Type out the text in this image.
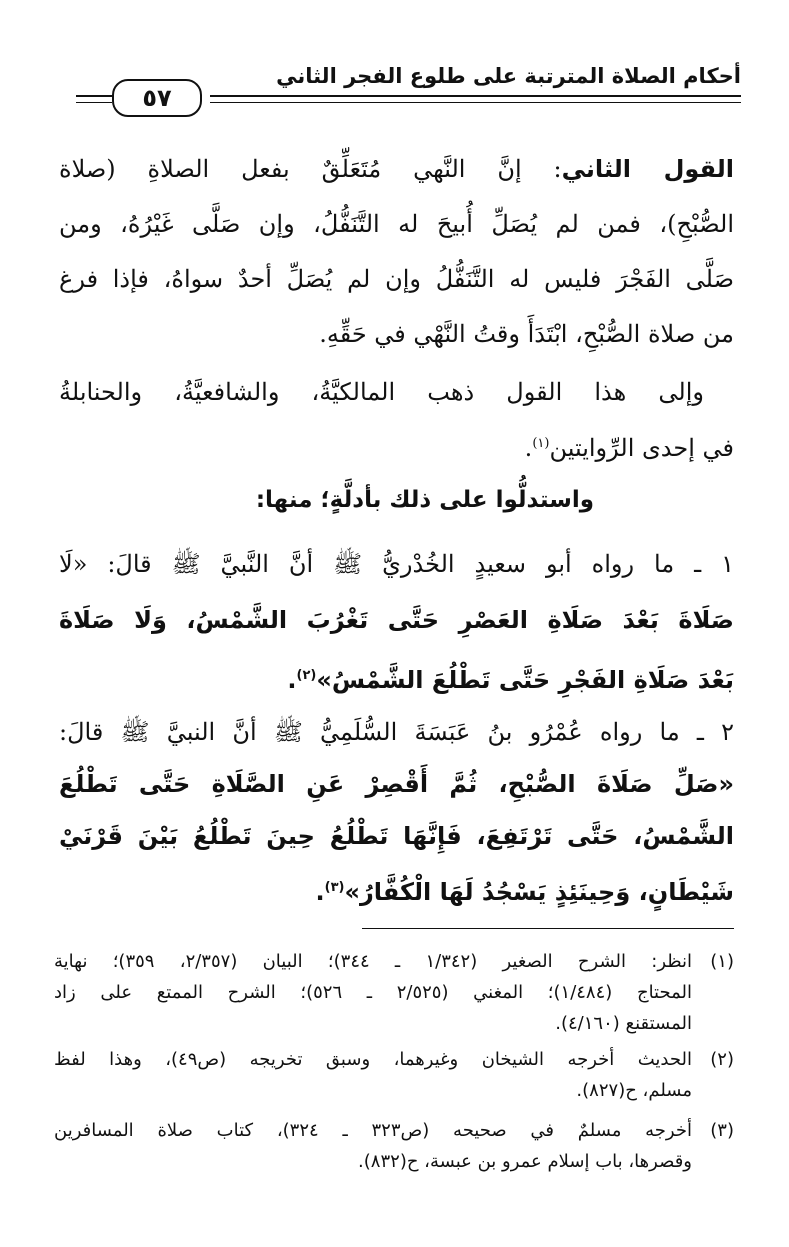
أحكام الصلاة المترتبة على طلوع الفجر الثاني
٥٧
القول الثاني: إنَّ النَّهي مُتَعَلِّقٌ بفعل الصلاةِ (صلاة
الصُّبْحِ)، فمن لم يُصَلِّ أُبيحَ له التَّنَفُّلُ، وإن صَلَّى غَيْرُهُ، ومن
صَلَّى الفَجْرَ فليس له التَّنَفُّلُ وإن لم يُصَلِّ أحدٌ سواهُ، فإذا فرغ
من صلاة الصُّبْحِ، ابْتَدَأَ وقتُ النَّهْي في حَقِّهِ.
وإلى هذا القول ذهب المالكيَّةُ، والشافعيَّةُ، والحنابلةُ
في إحدى الرِّوايتين$^{(١)}$.
واستدلُّوا على ذلك بأدلَّةٍ؛ منها:
١ ـ ما رواه أبو سعيدٍ الخُدْريُّ ﷺ أنَّ النَّبيَّ ﷺ قالَ: «لَا
صَلَاةَ بَعْدَ صَلَاةِ العَصْرِ حَتَّى تَغْرُبَ الشَّمْسُ، وَلَا صَلَاةَ
بَعْدَ صَلَاةِ الفَجْرِ حَتَّى تَطْلُعَ الشَّمْسُ»$^{(٢)}$.
٢ ـ ما رواه عُمْرُو بنُ عَبَسَةَ السُّلَمِيُّ ﷺ أنَّ النبيَّ ﷺ قالَ:
«صَلِّ صَلَاةَ الصُّبْحِ، ثُمَّ أَقْصِرْ عَنِ الصَّلَاةِ حَتَّى تَطْلُعَ
الشَّمْسُ، حَتَّى تَرْتَفِعَ، فَإِنَّهَا تَطْلُعُ حِينَ تَطْلُعُ بَيْنَ قَرْنَيْ
شَيْطَانٍ، وَحِينَئِذٍ يَسْجُدُ لَهَا الْكُفَّارُ»$^{(٣)}$.
(١)
انظر: الشرح الصغير (١/٣٤٢ ـ ٣٤٤)؛ البيان (٢/٣٥٧، ٣٥٩)؛ نهاية
المحتاج (١/٤٨٤)؛ المغني (٢/٥٢٥ ـ ٥٢٦)؛ الشرح الممتع على زاد
المستقنع (٤/١٦٠).
(٢)
الحديث أخرجه الشيخان وغيرهما، وسبق تخريجه (ص٤٩)، وهذا لفظ
مسلم، ح(٨٢٧).
(٣)
أخرجه مسلمٌ في صحيحه (ص٣٢٣ ـ ٣٢٤)، كتاب صلاة المسافرين
وقصرها، باب إسلام عمرو بن عبسة، ح(٨٣٢).
